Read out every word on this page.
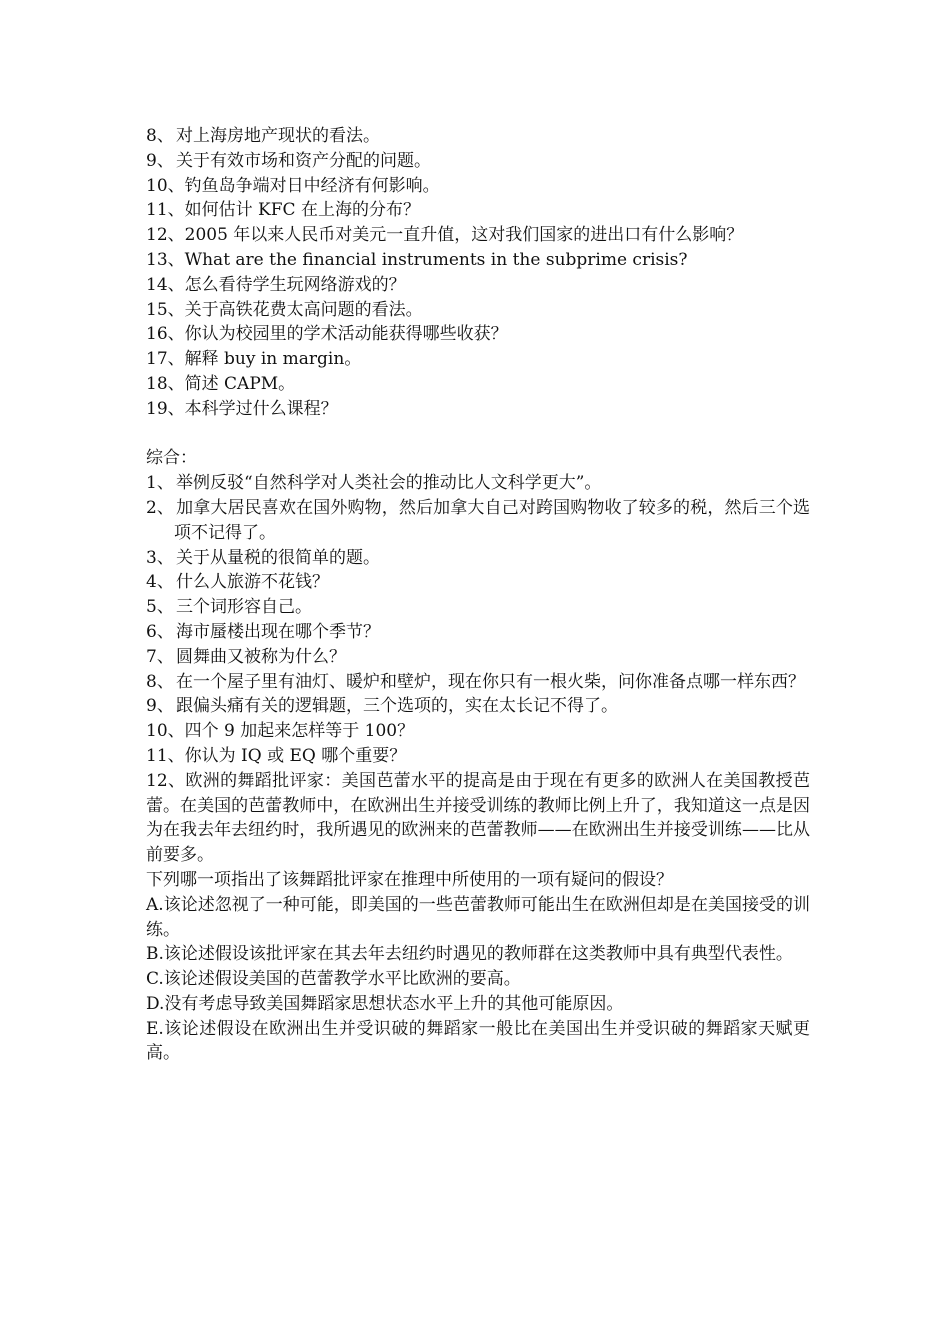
8、 对上海房地产现状的看法。
9、 关于有效市场和资产分配的问题。
10、钓鱼岛争端对日中经济有何影响。
11、如何估计 KFC 在上海的分布？
12、2005 年以来人民币对美元一直升值，这对我们国家的进出口有什么影响？
13、What are the financial instruments in the subprime crisis?
14、怎么看待学生玩网络游戏的？
15、关于高铁花费太高问题的看法。
16、你认为校园里的学术活动能获得哪些收获？
17、解释 buy in margin。
18、简述 CAPM。
19、本科学过什么课程？
综合：
1、 举例反驳“自然科学对人类社会的推动比人文科学更大”。
2、 加拿大居民喜欢在国外购物，然后加拿大自己对跨国购物收了较多的税，然后三个选项不记得了。
3、 关于从量税的很简单的题。
4、 什么人旅游不花钱？
5、 三个词形容自己。
6、 海市蜃楼出现在哪个季节？
7、 圆舞曲又被称为什么？
8、 在一个屋子里有油灯、暖炉和壁炉，现在你只有一根火柴，问你准备点哪一样东西？
9、 跟偏头痛有关的逻辑题，三个选项的，实在太长记不得了。
10、四个 9 加起来怎样等于 100？
11、你认为 IQ 或 EQ 哪个重要？
12、欧洲的舞蹈批评家：美国芭蕾水平的提高是由于现在有更多的欧洲人在美国教授芭蕾。在美国的芭蕾教师中，在欧洲出生并接受训练的教师比例上升了，我知道这一点是因为在我去年去纽约时，我所遇见的欧洲来的芭蕾教师——在欧洲出生并接受训练——比从前要多。
下列哪一项指出了该舞蹈批评家在推理中所使用的一项有疑问的假设？
A.该论述忽视了一种可能，即美国的一些芭蕾教师可能出生在欧洲但却是在美国接受的训练。
B.该论述假设该批评家在其去年去纽约时遇见的教师群在这类教师中具有典型代表性。
C.该论述假设美国的芭蕾教学水平比欧洲的要高。
D.没有考虑导致美国舞蹈家思想状态水平上升的其他可能原因。
E.该论述假设在欧洲出生并受识破的舞蹈家一般比在美国出生并受识破的舞蹈家天赋更高。
